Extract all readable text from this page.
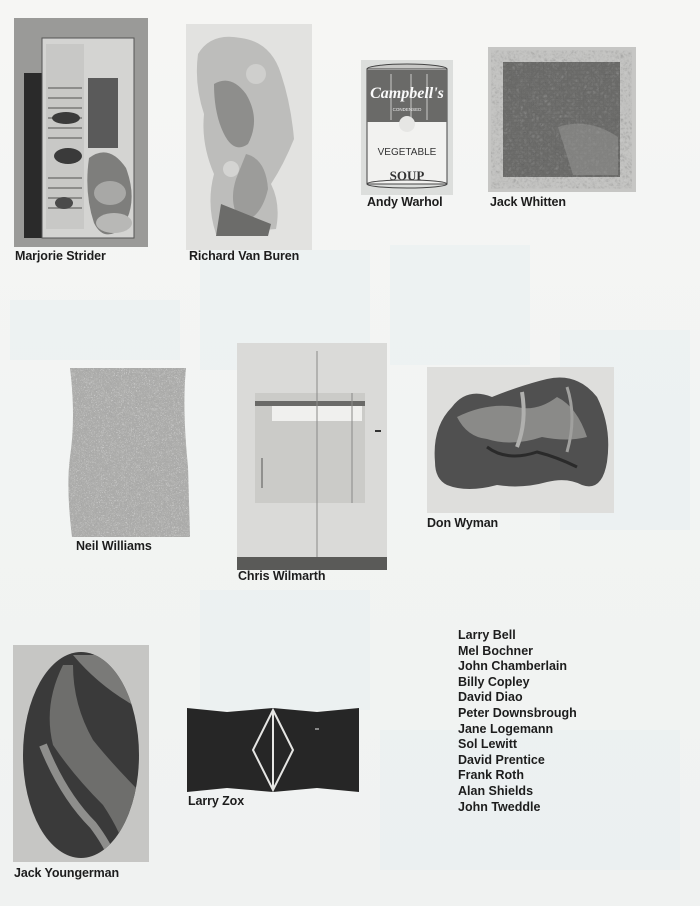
Marjorie Strider	Richard Van Buren
Campbell's
CONDENSED
VEGETABLE
SOUP
Andy Warhol	Jack Whitten
Neil Williams
Chris Wilmarth
Don Wyman
Jack Youngerman
Larry Zox
Larry Bell
Mel Bochner
John Chamberlain
Billy Copley
David Diao
Peter Downsbrough
Jane Logemann
Sol Lewitt
David Prentice
Frank Roth
Alan Shields
John Tweddle
